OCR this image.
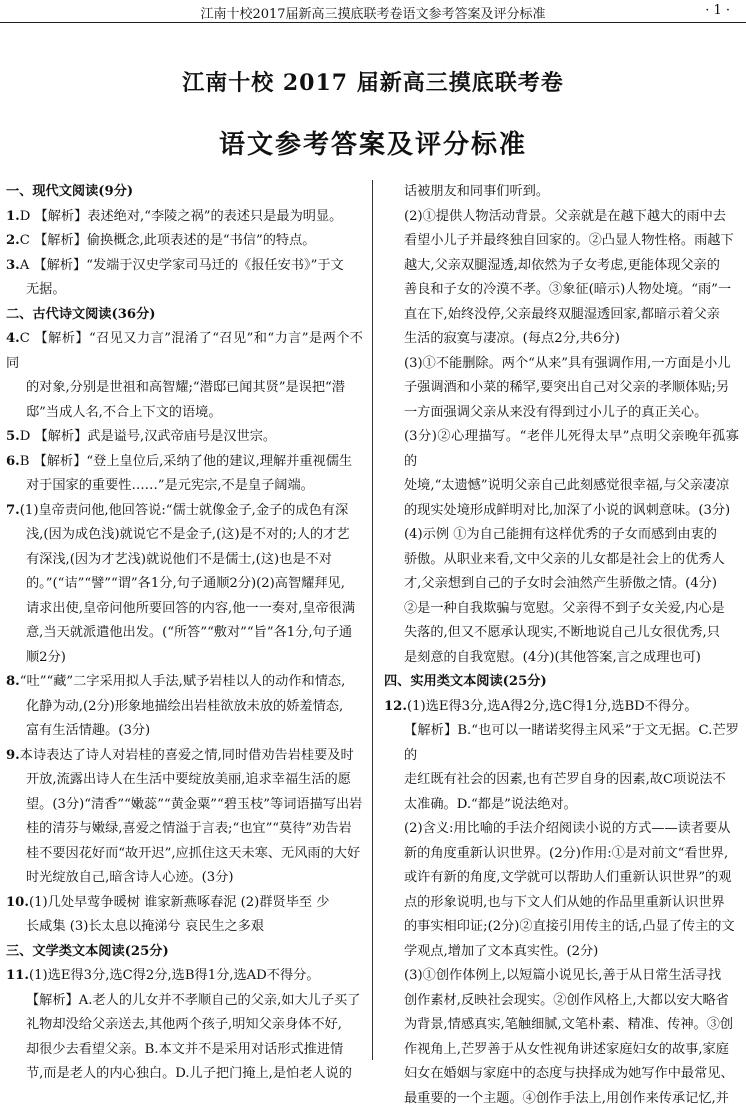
江南十校2017届新高三摸底联考卷语文参考答案及评分标准	· 1 ·
江南十校 2017 届新高三摸底联考卷
语文参考答案及评分标准

一、现代文阅读(9分)

1.D 【解析】表述绝对,“李陵之祸”的表述只是最为明显。

2.C 【解析】偷换概念,此项表述的是“书信”的特点。

3.A 【解析】“发端于汉史学家司马迁的《报任安书》”于文

无据。

二、古代诗文阅读(36分)

4.C 【解析】“召见又力言”混淆了“召见”和“力言”是两个不同

的对象,分别是世祖和高智耀;“潜邸已闻其贤”是误把“潜

邸”当成人名,不合上下文的语境。

5.D 【解析】武是谥号,汉武帝庙号是汉世宗。

6.B 【解析】“登上皇位后,采纳了他的建议,理解并重视儒生

对于国家的重要性……”是元宪宗,不是皇子阔端。

7.(1)皇帝责问他,他回答说:“儒士就像金子,金子的成色有深

浅,(因为成色浅)就说它不是金子,(这)是不对的;人的才艺

有深浅,(因为才艺浅)就说他们不是儒士,(这)也是不对

的。”(“诘”“譬”“谓”各1分,句子通顺2分)(2)高智耀拜见,

请求出使,皇帝问他所要回答的内容,他一一奏对,皇帝很满

意,当天就派遣他出发。(“所答”“敷对”“旨”各1分,句子通

顺2分)

8.“吐”“藏”二字采用拟人手法,赋予岩桂以人的动作和情态,

化静为动,(2分)形象地描绘出岩桂欲放未放的娇羞情态,

富有生活情趣。(3分)

9.本诗表达了诗人对岩桂的喜爱之情,同时借劝告岩桂要及时

开放,流露出诗人在生活中要绽放美丽,追求幸福生活的愿

望。(3分)“清香”“嫩蕊”“黄金粟”“碧玉枝”等词语描写出岩

桂的清芬与嫩绿,喜爱之情溢于言表;“也宜”“莫待”劝告岩

桂不要因花好而“故开迟”,应抓住这天未寒、无风雨的大好

时光绽放自己,暗含诗人心迹。(3分)

10.(1)几处早莺争暖树 谁家新燕啄春泥 (2)群贤毕至 少

长咸集 (3)长太息以掩涕兮 哀民生之多艰

三、文学类文本阅读(25分)

11.(1)选E得3分,选C得2分,选B得1分,选AD不得分。

【解析】A.老人的儿女并不孝顺自己的父亲,如大儿子买了

礼物却没给父亲送去,其他两个孩子,明知父亲身体不好,

却很少去看望父亲。B.本文并不是采用对话形式推进情

节,而是老人的内心独白。D.儿子把门掩上,是怕老人说的

话被朋友和同事们听到。

(2)①提供人物活动背景。父亲就是在越下越大的雨中去

看望小儿子并最终独自回家的。②凸显人物性格。雨越下

越大,父亲双腿湿透,却依然为子女考虑,更能体现父亲的

善良和子女的冷漠不孝。③象征(暗示)人物处境。“雨”一

直在下,始终没停,父亲最终双腿湿透回家,都暗示着父亲

生活的寂寞与凄凉。(每点2分,共6分)

(3)①不能删除。两个“从来”具有强调作用,一方面是小儿

子强调酒和小菜的稀罕,要突出自己对父亲的孝顺体贴;另

一方面强调父亲从来没有得到过小儿子的真正关心。

(3分)②心理描写。“老伴儿死得太早”点明父亲晚年孤寡的

处境,“太遗憾”说明父亲自己此刻感觉很幸福,与父亲凄凉

的现实处境形成鲜明对比,加深了小说的讽刺意味。(3分)

(4)示例 ①为自己能拥有这样优秀的子女而感到由衷的

骄傲。从职业来看,文中父亲的儿女都是社会上的优秀人

才,父亲想到自己的子女时会油然产生骄傲之情。(4分)

②是一种自我欺骗与宽慰。父亲得不到子女关爱,内心是

失落的,但又不愿承认现实,不断地说自己儿女很优秀,只

是刻意的自我宽慰。(4分)(其他答案,言之成理也可)

四、实用类文本阅读(25分)

12.(1)选E得3分,选A得2分,选C得1分,选BD不得分。

【解析】B.“也可以一睹诺奖得主风采”于文无据。C.芒罗的

走红既有社会的因素,也有芒罗自身的因素,故C项说法不

太准确。D.“都是”说法绝对。

(2)含义:用比喻的手法介绍阅读小说的方式——读者要从

新的角度重新认识世界。(2分)作用:①是对前文“看世界,

或许有新的角度,文学就可以帮助人们重新认识世界”的观

点的形象说明,也与下文人们从她的作品里重新认识世界

的事实相印证;(2分)②直接引用传主的话,凸显了传主的文

学观点,增加了文本真实性。(2分)

(3)①创作体例上,以短篇小说见长,善于从日常生活寻找

创作素材,反映社会现实。②创作风格上,大都以安大略省

为背景,情感真实,笔触细腻,文笔朴素、精准、传神。③创

作视角上,芒罗善于从女性视角讲述家庭妇女的故事,家庭

妇女在婚姻与家庭中的态度与抉择成为她写作中最常见、

最重要的一个主题。④创作手法上,用创作来传承记忆,并
